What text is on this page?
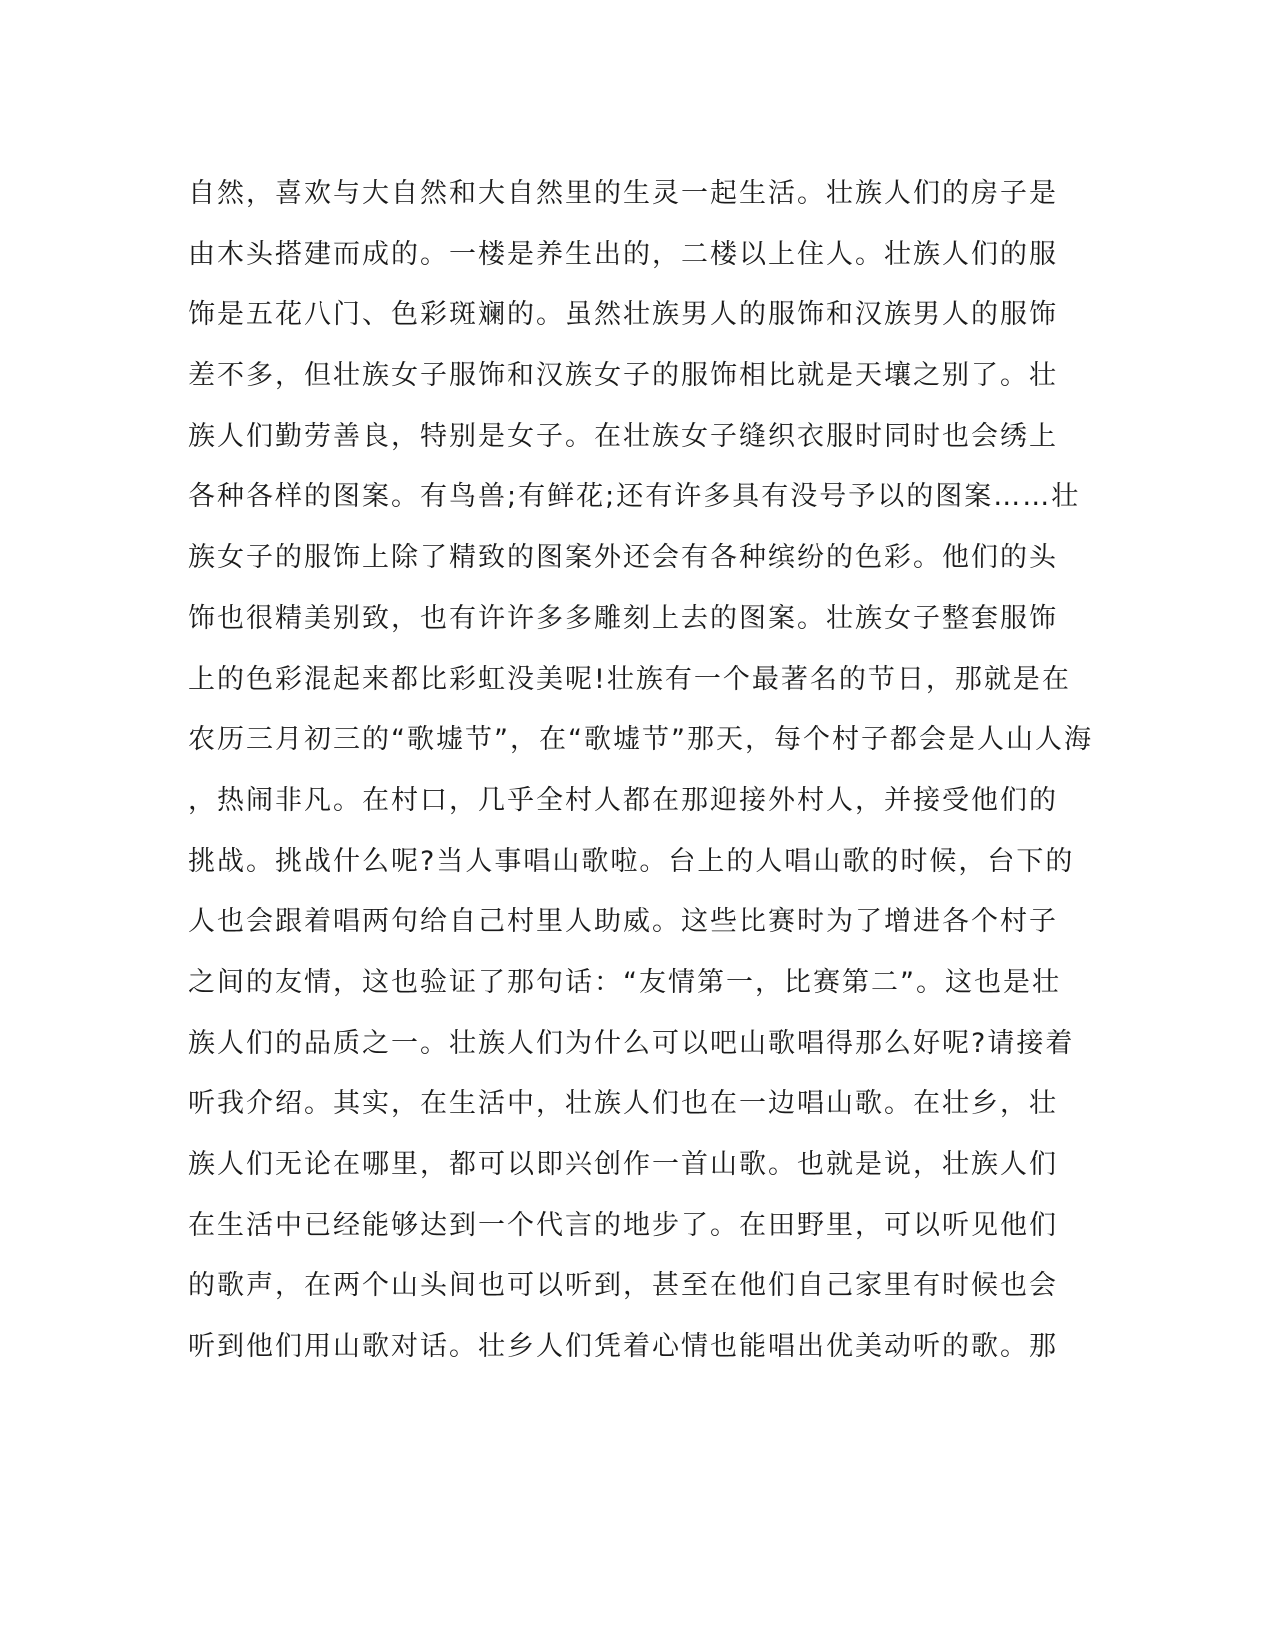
自然，喜欢与大自然和大自然里的生灵一起生活。壮族人们的房子是
由木头搭建而成的。一楼是养生出的，二楼以上住人。壮族人们的服
饰是五花八门、色彩斑斓的。虽然壮族男人的服饰和汉族男人的服饰
差不多，但壮族女子服饰和汉族女子的服饰相比就是天壤之别了。壮
族人们勤劳善良，特别是女子。在壮族女子缝织衣服时同时也会绣上
各种各样的图案。有鸟兽;有鲜花;还有许多具有没号予以的图案……壮
族女子的服饰上除了精致的图案外还会有各种缤纷的色彩。他们的头
饰也很精美别致，也有许许多多雕刻上去的图案。壮族女子整套服饰
上的色彩混起来都比彩虹没美呢!壮族有一个最著名的节日，那就是在
农历三月初三的“歌墟节”，在“歌墟节”那天，每个村子都会是人山人海
，热闹非凡。在村口，几乎全村人都在那迎接外村人，并接受他们的
挑战。挑战什么呢?当人事唱山歌啦。台上的人唱山歌的时候，台下的
人也会跟着唱两句给自己村里人助威。这些比赛时为了增进各个村子
之间的友情，这也验证了那句话：“友情第一，比赛第二”。这也是壮
族人们的品质之一。壮族人们为什么可以吧山歌唱得那么好呢?请接着
听我介绍。其实，在生活中，壮族人们也在一边唱山歌。在壮乡，壮
族人们无论在哪里，都可以即兴创作一首山歌。也就是说，壮族人们
在生活中已经能够达到一个代言的地步了。在田野里，可以听见他们
的歌声，在两个山头间也可以听到，甚至在他们自己家里有时候也会
听到他们用山歌对话。壮乡人们凭着心情也能唱出优美动听的歌。那
